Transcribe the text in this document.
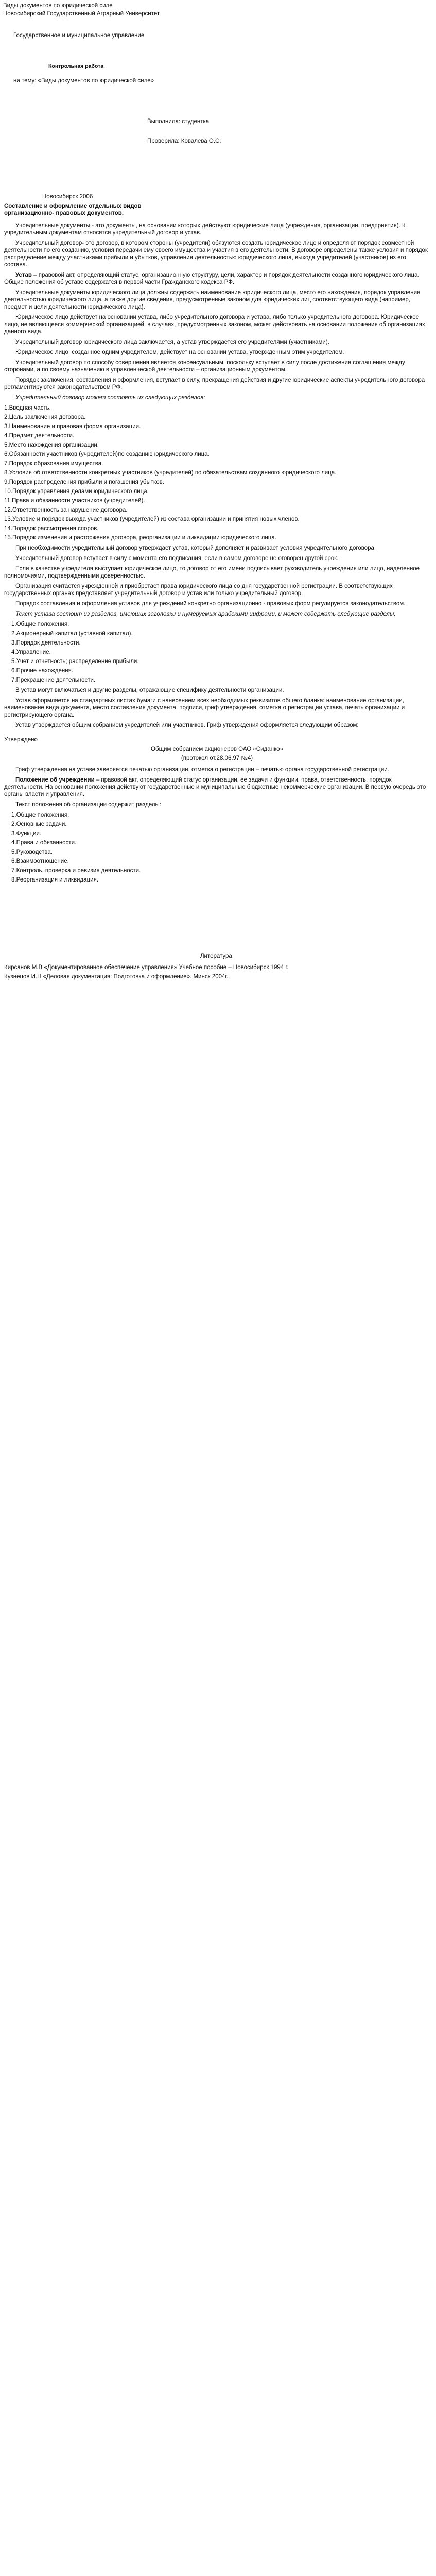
Виды документов по юридической силе
Новосибирский Государственный Аграрный Университет
Государственное и муниципальное управление
Контрольная работа
на тему: «Виды документов по юридической силе»
Выполнила: студентка
Проверила: Ковалева О.С.
Новосибирск 2006
Составление и оформление отдельных видов организационно- правовых документов.

Учредительные документы - это документы, на основании которых действуют юридические лица (учреждения, организации, предприятия). К учредительным документам относятся учредительный договор и устав.

Учредительный договор- это договор, в котором стороны (учредители) обязуются создать юридическое лицо и определяют порядок совместной деятельности по его созданию, условия передачи ему своего имущества и участия в его деятельности. В договоре определены также условия и порядок распределение между участниками прибыли и убытков, управления деятельностью юридического лица, выхода учредителей (участников) из его состава.

Устав – правовой акт, определяющий статус, организационную структуру, цели, характер и порядок деятельности созданного юридического лица. Общие положения об уставе содержатся в первой части Гражданского кодекса РФ.

Учредительные документы юридического лица должны содержать наименование юридического лица, место его нахождения, порядок управления деятельностью юридического лица, а также другие сведения, предусмотренные законом для юридических лиц соответствующего вида (например, предмет и цели деятельности юридического лица).

Юридическое лицо действует на основании устава, либо учредительного договора и устава, либо только учредительного договора. Юридическое лицо, не являющееся коммерческой организацией, в случаях, предусмотренных законом, может действовать на основании положения об организациях данного вида.

Учредительный договор юридического лица заключается, а устав утверждается его учредителями (участниками).

Юридическое лицо, созданное одним учредителем, действует на основании устава, утвержденным этим учредителем.

Учредительный договор по способу совершения является консенсуальным, поскольку вступает в силу после достижения соглашения между сторонами, а по своему назначению в управленческой деятельности – организационным документом.

Порядок заключения, составления и оформления, вступает в силу, прекращения действия и другие юридические аспекты учредительного договора регламентируются законодательством РФ.

Учредительный договор может состоять из следующих разделов:

1.Вводная часть.
2.Цель заключения договора.
3.Наименование и правовая форма организации.
4.Предмет деятельности.
5.Место нахождения организации.
6.Обязанности участников (учредителей)по созданию юридического лица.
7.Порядок образования имущества.
8.Условия об ответственности конкретных участников (учредителей) по обязательствам созданного юридического лица.
9.Порядок распределения прибыли и погашения убытков.
10.Порядок управления делами юридического лица.
11.Права и обязанности участников (учредителей).
12.Ответственность за нарушение договора.
13.Условие и порядок выхода участников (учредителей) из состава организации и принятия новых членов.
14.Порядок рассмотрения споров.
15.Порядок изменения и расторжения договора, реорганизации и ликвидации юридического лица.

При необходимости учредительный договор утверждает устав, который дополняет и развивает условия учредительного договора.

Учредительный договор вступает в силу с момента его подписания, если в самом договоре не оговорен другой срок.

Если в качестве учредителя выступает юридическое лицо, то договор от его имени подписывает руководитель учреждения или лицо, наделенное полномочиями, подтвержденными доверенностью.

Организация считается учрежденной и приобретает права юридического лица со дня государственной регистрации. В соответствующих государственных органах представляет учредительный договор и устав или только учредительный договор.

Порядок составления и оформления уставов для учреждений конкретно организационно - правовых форм регулируется законодательством.

Текст устава состоит из разделов, имеющих заголовки и нумеруемых арабскими цифрами, и может содержать следующие разделы:

1.Общие положения.
2.Акционерный капитал (уставной капитал).
3.Порядок деятельности.
4.Управление.
5.Учет и отчетность; распределение прибыли.
6.Прочие нахождения.
7.Прекращение деятельности.

В устав могут включаться и другие разделы, отражающие специфику деятельности организации.

Устав оформляется на стандартных листах бумаги с нанесением всех необходимых реквизитов общего бланка: наименование организации, наименование вида документа, место составления документа, подписи, гриф утверждения, отметка о регистрации устава, печать организации и регистрирующего органа.

Устав утверждается общим собранием учредителей или участников. Гриф утверждения оформляется следующим образом:

Утверждено
Общим собранием акционеров ОАО «Сиданко»
(протокол от.28.06.97 №4)

Гриф утверждения на уставе заверяется печатью организации, отметка о регистрации – печатью органа государственной регистрации.

Положение об учреждении – правовой акт, определяющий статус организации, ее задачи и функции, права, ответственность, порядок деятельности. На основании положения действуют государственные и муниципальные бюджетные некоммерческие организации. В первую очередь это органы власти и управления.

Текст положения об организации содержит разделы:

1.Общие положения.
2.Основные задачи.
3.Функции.
4.Права и обязанности.
5.Руководства.
6.Взаимоотношение.
7.Контроль, проверка и ревизия деятельности.
8.Реорганизация и ликвидация.
Литература.
Кирсанов М.В «Документированное обеспечение управления» Учебное пособие – Новосибирск 1994 г.
Кузнецов И.Н «Деловая документация: Подготовка и оформление». Минск 2004г.
